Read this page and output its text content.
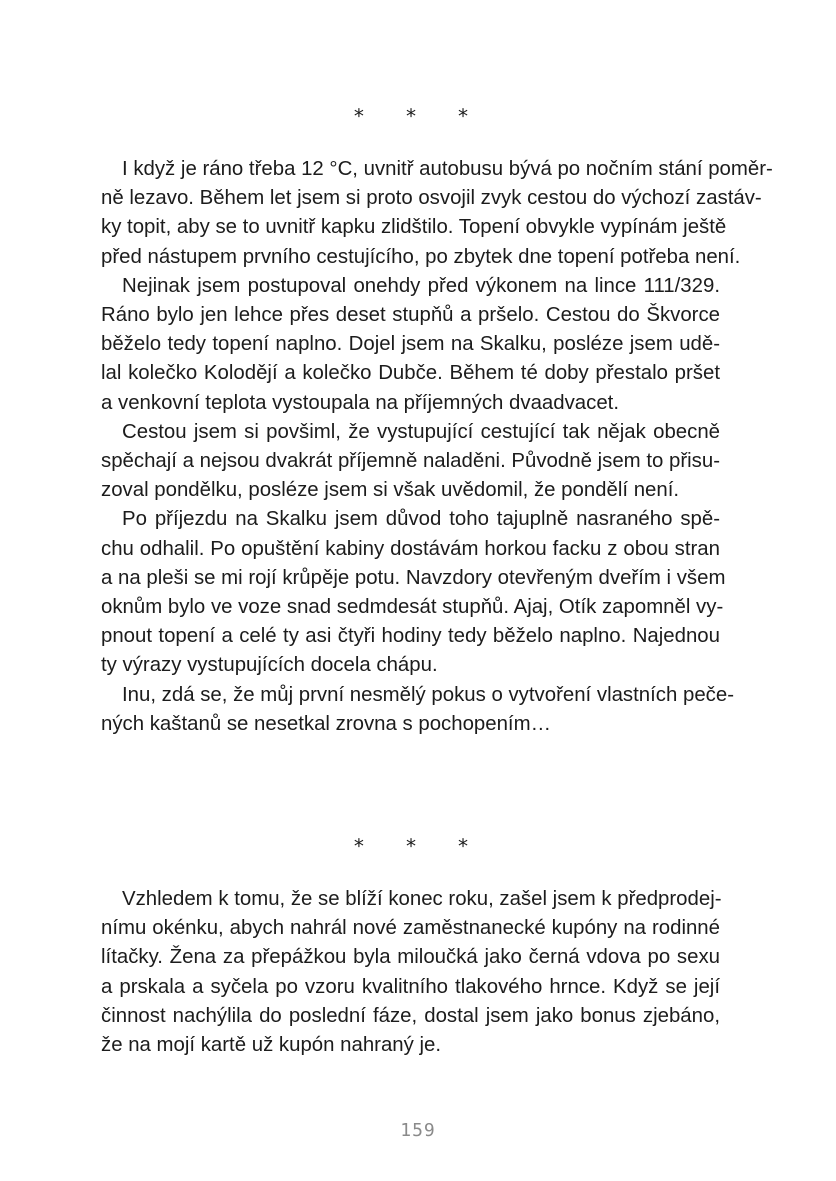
∗ ∗ ∗

I když je ráno třeba 12 °C, uvnitř autobusu bývá po nočním stání poměr-
ně lezavo. Během let jsem si proto osvojil zvyk cestou do výchozí zastáv-
ky topit, aby se to uvnitř kapku zlidštilo. Topení obvykle vypínám ještě
před nástupem prvního cestujícího, po zbytek dne topení potřeba není.

Nejinak jsem postupoval onehdy před výkonem na lince 111/329.
Ráno bylo jen lehce přes deset stupňů a pršelo. Cestou do Škvorce
běželo tedy topení naplno. Dojel jsem na Skalku, posléze jsem udě-
lal kolečko Kolodějí a kolečko Dubče. Během té doby přestalo pršet
a venkovní teplota vystoupala na příjemných dvaadvacet.

Cestou jsem si povšiml, že vystupující cestující tak nějak obecně
spěchají a nejsou dvakrát příjemně naladěni. Původně jsem to přisu-
zoval pondělku, posléze jsem si však uvědomil, že pondělí není.

Po příjezdu na Skalku jsem důvod toho tajuplně nasraného spě-
chu odhalil. Po opuštění kabiny dostávám horkou facku z obou stran
a na pleši se mi rojí krůpěje potu. Navzdory otevřeným dveřím i všem
oknům bylo ve voze snad sedmdesát stupňů. Ajaj, Otík zapomněl vy-
pnout topení a celé ty asi čtyři hodiny tedy běželo naplno. Najednou
ty výrazy vystupujících docela chápu.

Inu, zdá se, že můj první nesmělý pokus o vytvoření vlastních peče-
ných kaštanů se nesetkal zrovna s pochopením…

∗ ∗ ∗

Vzhledem k tomu, že se blíží konec roku, zašel jsem k předprodej-
nímu okénku, abych nahrál nové zaměstnanecké kupóny na rodinné
lítačky. Žena za přepážkou byla miloučká jako černá vdova po sexu
a prskala a syčela po vzoru kvalitního tlakového hrnce. Když se její
činnost nachýlila do poslední fáze, dostal jsem jako bonus zjebáno,
že na mojí kartě už kupón nahraný je.

159
